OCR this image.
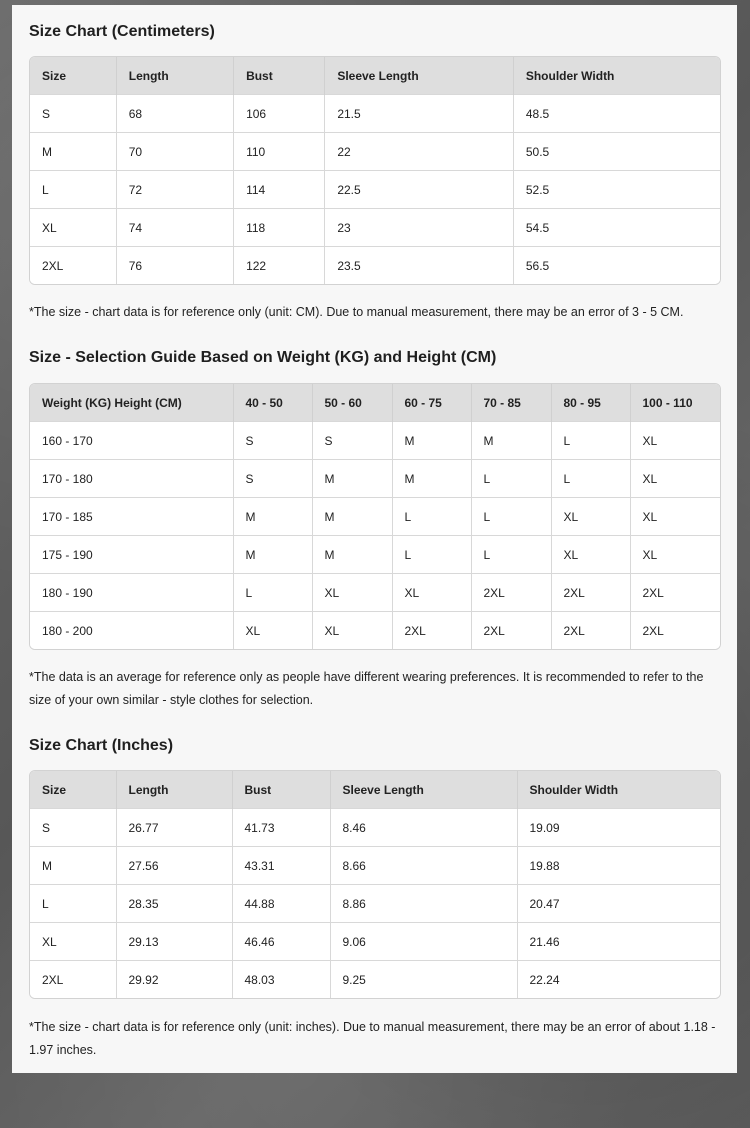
Size Chart (Centimeters)
Size	Length	Bust	Sleeve Length	Shoulder Width
S	68	106	21.5	48.5
M	70	110	22	50.5
L	72	114	22.5	52.5
XL	74	118	23	54.5
2XL	76	122	23.5	56.5

*The size - chart data is for reference only (unit: CM). Due to manual measurement, there may be an error of 3 - 5 CM.

Size - Selection Guide Based on Weight (KG) and Height (CM)
Weight (KG) Height (CM)	40 - 50	50 - 60	60 - 75	70 - 85	80 - 95	100 - 110
160 - 170	S	S	M	M	L	XL
170 - 180	S	M	M	L	L	XL
170 - 185	M	M	L	L	XL	XL
175 - 190	M	M	L	L	XL	XL
180 - 190	L	XL	XL	2XL	2XL	2XL
180 - 200	XL	XL	2XL	2XL	2XL	2XL

*The data is an average for reference only as people have different wearing preferences. It is recommended to refer to the size of your own similar - style clothes for selection.

Size Chart (Inches)
Size	Length	Bust	Sleeve Length	Shoulder Width
S	26.77	41.73	8.46	19.09
M	27.56	43.31	8.66	19.88
L	28.35	44.88	8.86	20.47
XL	29.13	46.46	9.06	21.46
2XL	29.92	48.03	9.25	22.24

*The size - chart data is for reference only (unit: inches). Due to manual measurement, there may be an error of about 1.18 - 1.97 inches.
